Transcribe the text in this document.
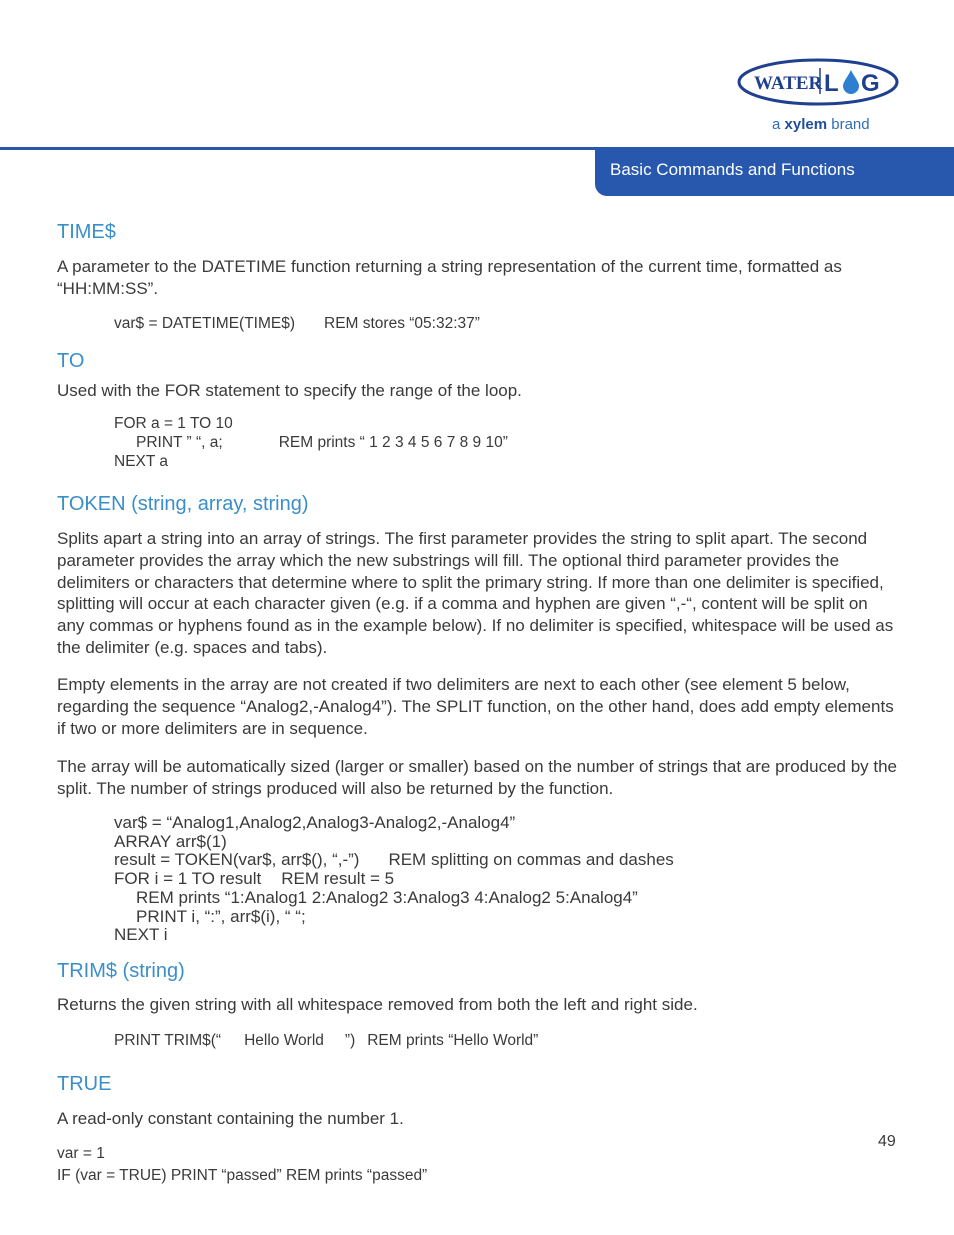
WATER L G
a xylem brand
Basic Commands and Functions
TIME$
A parameter to the DATETIME function returning a string representation of the current time, formatted as “HH:MM:SS”.
var$ = DATETIME(TIME$) REM stores “05:32:37”
TO
Used with the FOR statement to specify the range of the loop.
FOR a = 1 TO 10
PRINT ” “, a;	REM prints “ 1 2 3 4 5 6 7 8 9 10”
NEXT a
TOKEN (string, array, string)
Splits apart a string into an array of strings. The first parameter provides the string to split apart. The second parameter provides the array which the new substrings will fill. The optional third parameter provides the delimiters or characters that determine where to split the primary string. If more than one delimiter is specified, splitting will occur at each character given (e.g. if a comma and hyphen are given “,-“, content will be split on any commas or hyphens found as in the example below). If no delimiter is specified, whitespace will be used as the delimiter (e.g. spaces and tabs).
Empty elements in the array are not created if two delimiters are next to each other (see element 5 below, regarding the sequence “Analog2,-Analog4”). The SPLIT function, on the other hand, does add empty elements if two or more delimiters are in sequence.
The array will be automatically sized (larger or smaller) based on the number of strings that are produced by the split. The number of strings produced will also be returned by the function.
var$ = “Analog1,Analog2,Analog3-Analog2,-Analog4”
ARRAY arr$(1)
result = TOKEN(var$, arr$(), “,-”) REM splitting on commas and dashes
FOR i = 1 TO result REM result = 5
REM prints “1:Analog1 2:Analog2 3:Analog3 4:Analog2 5:Analog4”
PRINT i, “:”, arr$(i), “ “;
NEXT i
TRIM$ (string)
Returns the given string with all whitespace removed from both the left and right side.
PRINT TRIM$(“ Hello World ”) REM prints “Hello World”
TRUE
A read-only constant containing the number 1.
var = 1
IF (var = TRUE) PRINT “passed” REM prints “passed”
49
